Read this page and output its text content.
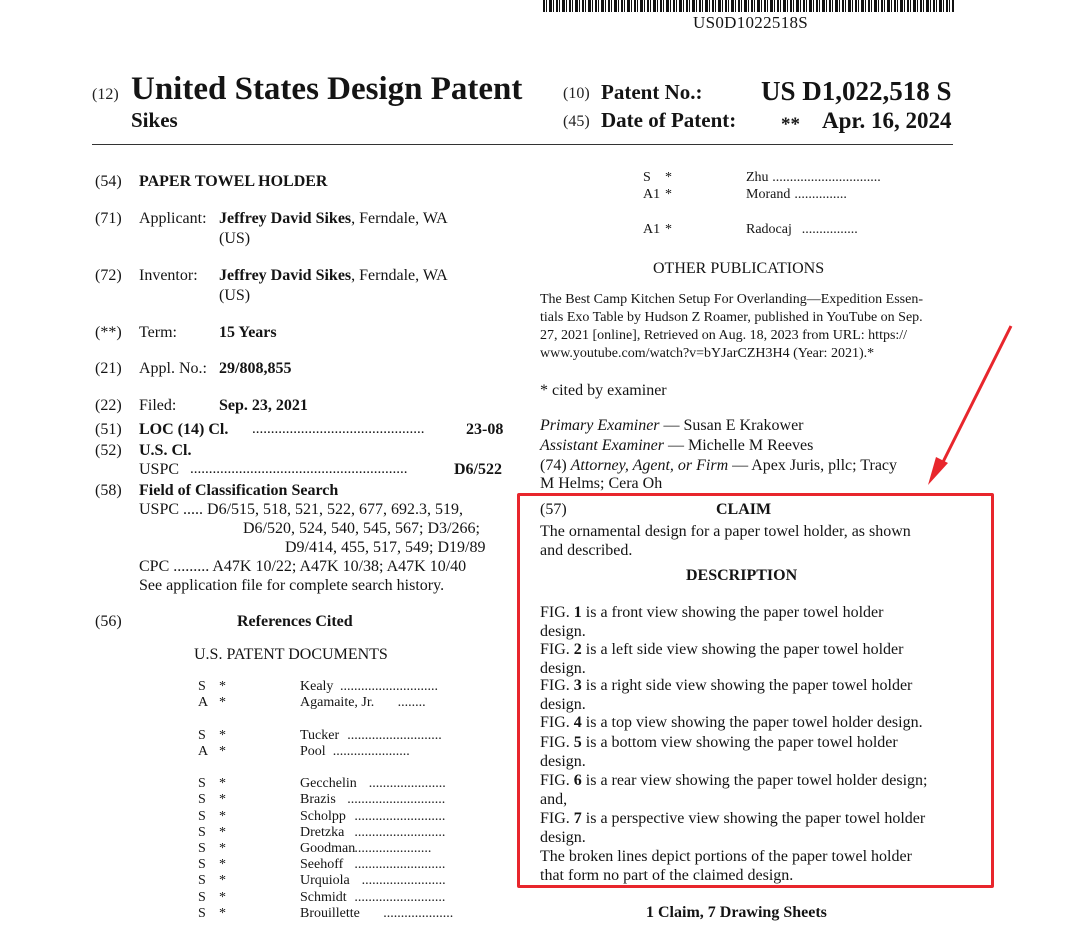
US0D1022518S
(12) United States Design Patent
Sikes
(10) Patent No.: US D1,022,518 S
(45) Date of Patent: ** Apr. 16, 2024
(54) PAPER TOWEL HOLDER
(71) Applicant: Jeffrey David Sikes, Ferndale, WA
(US)
(72) Inventor: Jeffrey David Sikes, Ferndale, WA
(US)
(**) Term:	15 Years
(21) Appl. No.: 29/808,855
(22) Filed:	Sep. 23, 2021
(51) LOC (14) Cl. ..............................................	23-08
(52) U.S. Cl.
USPC ..........................................................	D6/522
(58) Field of Classification Search
USPC ..... D6/515, 518, 521, 522, 677, 692.3, 519,
D6/520, 524, 540, 545, 567; D3/266;
D9/414, 455, 517, 549; D19/89
CPC ......... A47K 10/22; A47K 10/38; A47K 10/40
See application file for complete search history.
(56)	References Cited
U.S. PATENT DOCUMENTS
S *	Kealy ............................
A *	Agamaite, Jr. ........
S *	Tucker ...........................
A *	Pool ......................
S *	Gecchelin ......................
S *	Brazis ............................
S *	Scholpp ..........................
S *	Dretzka ..........................
S *	Goodman ......................
S *	Seehoff ..........................
S *	Urquiola ........................
S *	Schmidt ..........................
S *	Brouillette ....................
S *	Zhu ...............................
A1 *	Morand ...............
A1 *	Radocaj ................
OTHER PUBLICATIONS
The Best Camp Kitchen Setup For Overlanding—Expedition Essen-
tials Exo Table by Hudson Z Roamer, published in YouTube on Sep.
27, 2021 [online], Retrieved on Aug. 18, 2023 from URL: https://
www.youtube.com/watch?v=bYJarCZH3H4 (Year: 2021).*
* cited by examiner
Primary Examiner — Susan E Krakower
Assistant Examiner — Michelle M Reeves
(74) Attorney, Agent, or Firm — Apex Juris, pllc; Tracy
M Helms; Cera Oh
(57)	CLAIM
The ornamental design for a paper towel holder, as shown
and described.
DESCRIPTION
FIG. 1 is a front view showing the paper towel holder
design.
FIG. 2 is a left side view showing the paper towel holder
design.
FIG. 3 is a right side view showing the paper towel holder
design.
FIG. 4 is a top view showing the paper towel holder design.
FIG. 5 is a bottom view showing the paper towel holder
design.
FIG. 6 is a rear view showing the paper towel holder design;
and,
FIG. 7 is a perspective view showing the paper towel holder
design.
The broken lines depict portions of the paper towel holder
that form no part of the claimed design.
1 Claim, 7 Drawing Sheets
